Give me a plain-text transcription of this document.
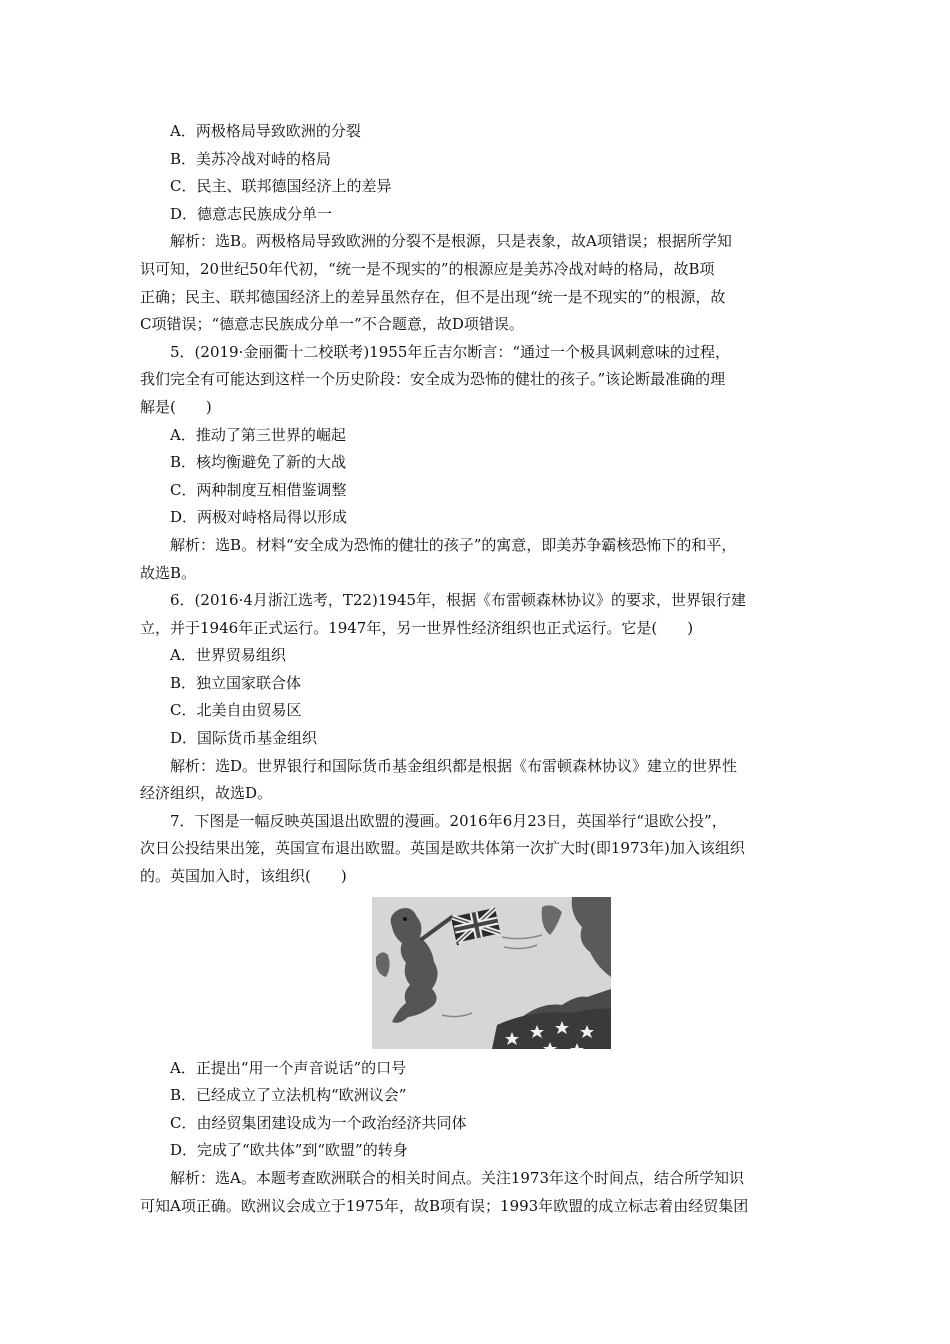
A．两极格局导致欧洲的分裂
B．美苏冷战对峙的格局
C．民主、联邦德国经济上的差异
D．德意志民族成分单一
解析：选B。两极格局导致欧洲的分裂不是根源，只是表象，故A项错误；根据所学知
识可知，20世纪50年代初，“统一是不现实的”的根源应是美苏冷战对峙的格局，故B项
正确；民主、联邦德国经济上的差异虽然存在，但不是出现“统一是不现实的”的根源，故
C项错误；“德意志民族成分单一”不合题意，故D项错误。
5．(2019·金丽衢十二校联考)1955年丘吉尔断言：“通过一个极具讽刺意味的过程，
我们完全有可能达到这样一个历史阶段：安全成为恐怖的健壮的孩子。”该论断最准确的理
解是(　　)
A．推动了第三世界的崛起
B．核均衡避免了新的大战
C．两种制度互相借鉴调整
D．两极对峙格局得以形成
解析：选B。材料“安全成为恐怖的健壮的孩子”的寓意，即美苏争霸核恐怖下的和平，
故选B。
6．(2016·4月浙江选考，T22)1945年，根据《布雷顿森林协议》的要求，世界银行建
立，并于1946年正式运行。1947年，另一世界性经济组织也正式运行。它是(　　)
A．世界贸易组织
B．独立国家联合体
C．北美自由贸易区
D．国际货币基金组织
解析：选D。世界银行和国际货币基金组织都是根据《布雷顿森林协议》建立的世界性
经济组织，故选D。
7．下图是一幅反映英国退出欧盟的漫画。2016年6月23日，英国举行“退欧公投”，
次日公投结果出笼，英国宣布退出欧盟。英国是欧共体第一次扩大时(即1973年)加入该组织
的。英国加入时，该组织(　　)
A．正提出“用一个声音说话”的口号
B．已经成立了立法机构“欧洲议会”
C．由经贸集团建设成为一个政治经济共同体
D．完成了“欧共体”到“欧盟”的转身
解析：选A。本题考查欧洲联合的相关时间点。关注1973年这个时间点，结合所学知识
可知A项正确。欧洲议会成立于1975年，故B项有误；1993年欧盟的成立标志着由经贸集团
